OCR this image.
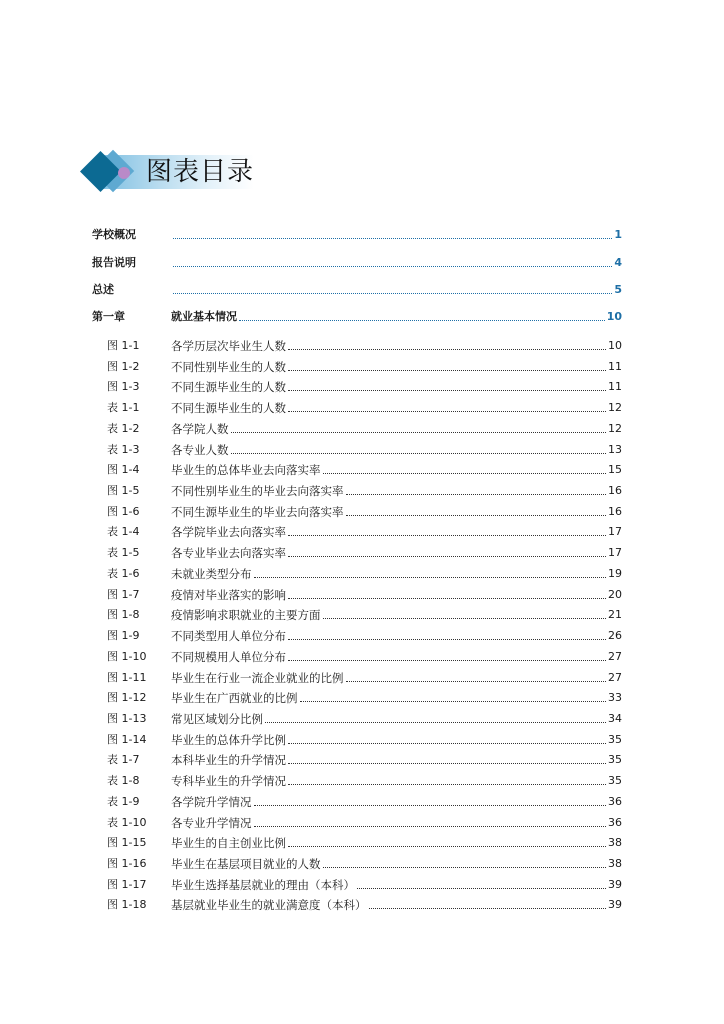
图表目录
学校概况	1
报告说明	4
总述	5
第一章	就业基本情况	10
图 1-1	各学历层次毕业生人数	10
图 1-2	不同性别毕业生的人数	11
图 1-3	不同生源毕业生的人数	11
表 1-1	不同生源毕业生的人数	12
表 1-2	各学院人数	12
表 1-3	各专业人数	13
图 1-4	毕业生的总体毕业去向落实率	15
图 1-5	不同性别毕业生的毕业去向落实率	16
图 1-6	不同生源毕业生的毕业去向落实率	16
表 1-4	各学院毕业去向落实率	17
表 1-5	各专业毕业去向落实率	17
表 1-6	未就业类型分布	19
图 1-7	疫情对毕业落实的影响	20
图 1-8	疫情影响求职就业的主要方面	21
图 1-9	不同类型用人单位分布	26
图 1-10	不同规模用人单位分布	27
图 1-11	毕业生在行业一流企业就业的比例	27
图 1-12	毕业生在广西就业的比例	33
图 1-13	常见区域划分比例	34
图 1-14	毕业生的总体升学比例	35
表 1-7	本科毕业生的升学情况	35
表 1-8	专科毕业生的升学情况	35
表 1-9	各学院升学情况	36
表 1-10	各专业升学情况	36
图 1-15	毕业生的自主创业比例	38
图 1-16	毕业生在基层项目就业的人数	38
图 1-17	毕业生选择基层就业的理由（本科）	39
图 1-18	基层就业毕业生的就业满意度（本科）	39
